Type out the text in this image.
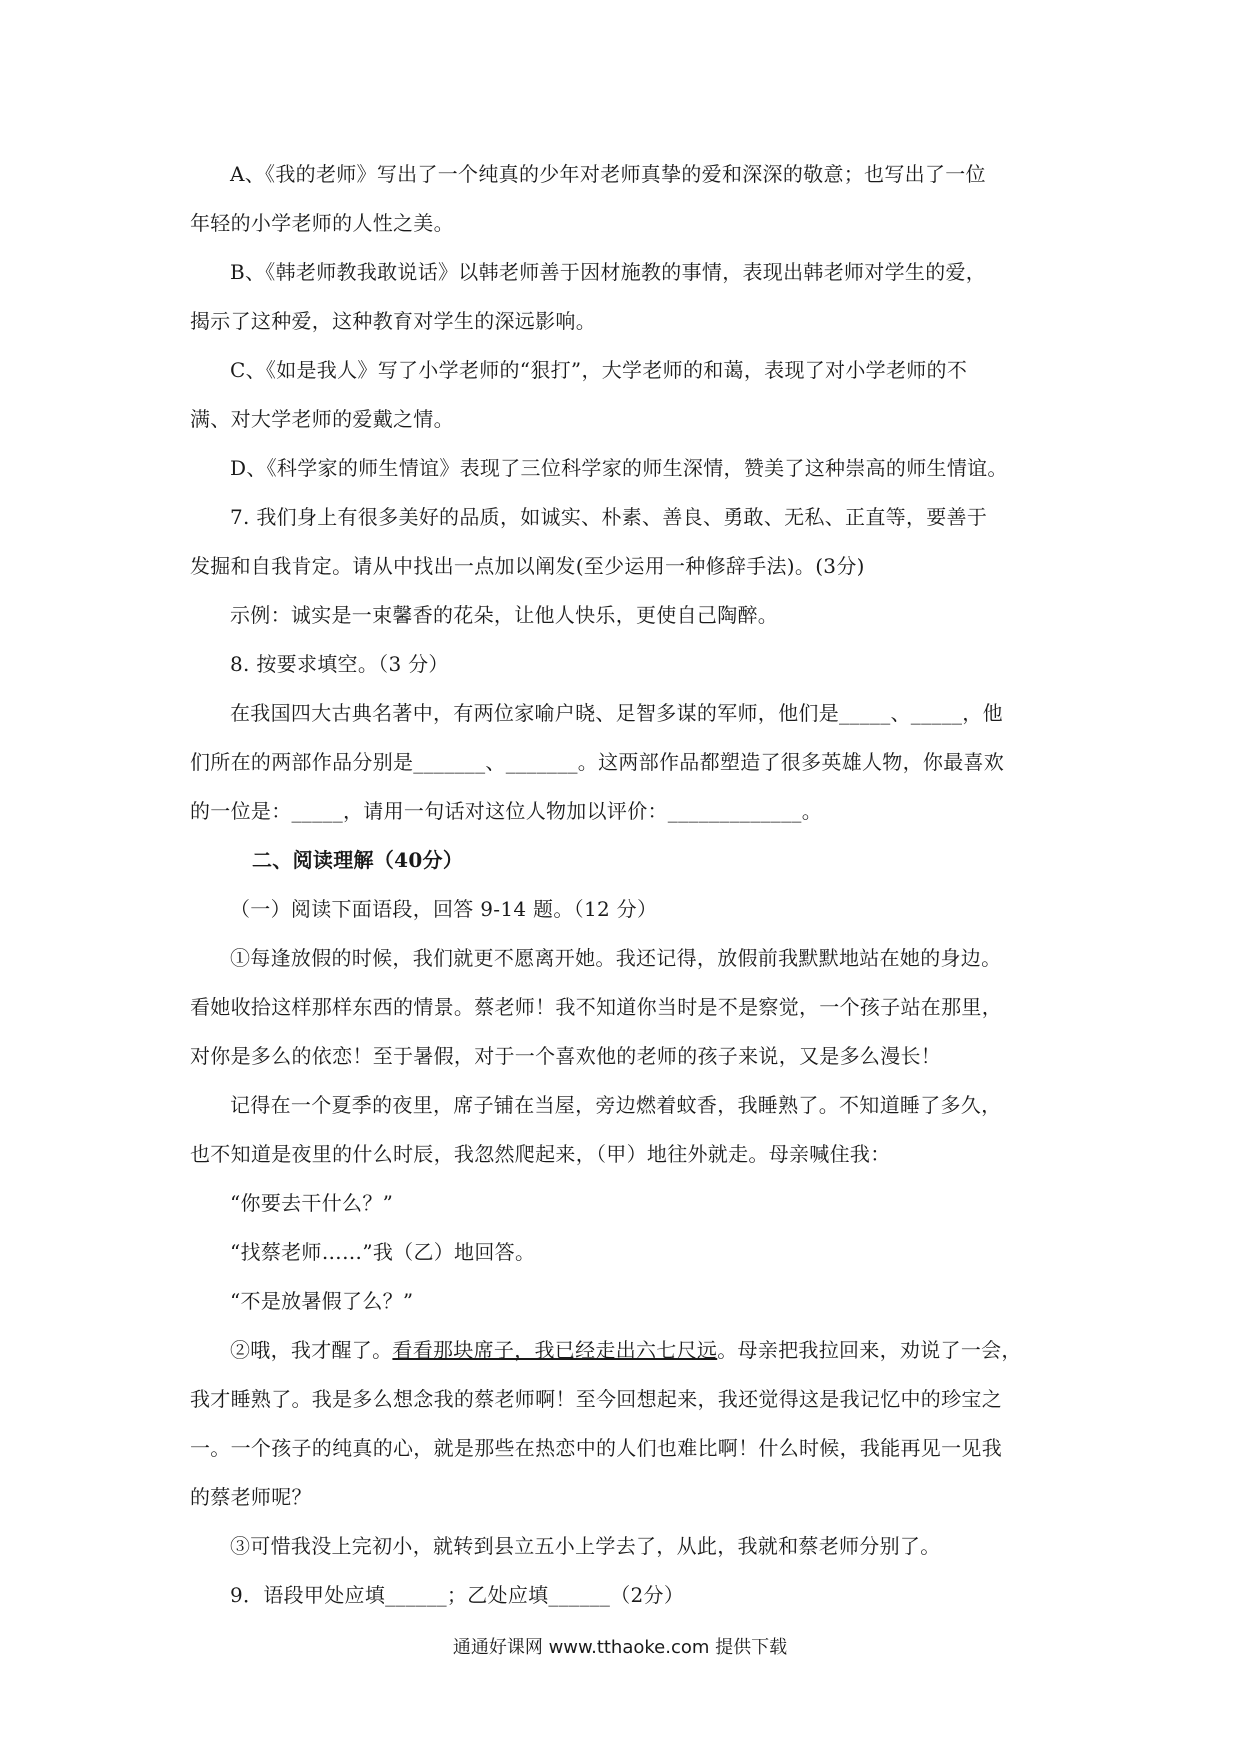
A、《我的老师》写出了一个纯真的少年对老师真挚的爱和深深的敬意；也写出了一位
年轻的小学老师的人性之美。
B、《韩老师教我敢说话》以韩老师善于因材施教的事情，表现出韩老师对学生的爱，
揭示了这种爱，这种教育对学生的深远影响。
C、《如是我人》写了小学老师的“狠打”，大学老师的和蔼，表现了对小学老师的不
满、对大学老师的爱戴之情。
D、《科学家的师生情谊》表现了三位科学家的师生深情，赞美了这种崇高的师生情谊。
7. 我们身上有很多美好的品质，如诚实、朴素、善良、勇敢、无私、正直等，要善于
发掘和自我肯定。请从中找出一点加以阐发(至少运用一种修辞手法)。(3分)
示例：诚实是一束馨香的花朵，让他人快乐，更使自己陶醉。
8. 按要求填空。（3 分）
在我国四大古典名著中，有两位家喻户晓、足智多谋的军师，他们是_____、_____，他
们所在的两部作品分别是_______、_______。这两部作品都塑造了很多英雄人物，你最喜欢
的一位是：_____，请用一句话对这位人物加以评价：_____________。
二、阅读理解（40分）
（一）阅读下面语段，回答 9-14 题。（12 分）
①每逢放假的时候，我们就更不愿离开她。我还记得，放假前我默默地站在她的身边。
看她收拾这样那样东西的情景。蔡老师！我不知道你当时是不是察觉，一个孩子站在那里，
对你是多么的依恋！至于暑假，对于一个喜欢他的老师的孩子来说，又是多么漫长！
记得在一个夏季的夜里，席子铺在当屋，旁边燃着蚊香，我睡熟了。不知道睡了多久，
也不知道是夜里的什么时辰，我忽然爬起来，（甲）地往外就走。母亲喊住我：
“你要去干什么？”
“找蔡老师……”我（乙）地回答。
“不是放暑假了么？”
②哦，我才醒了。看看那块席子，我已经走出六七尺远。母亲把我拉回来，劝说了一会，
我才睡熟了。我是多么想念我的蔡老师啊！至今回想起来，我还觉得这是我记忆中的珍宝之
一。一个孩子的纯真的心，就是那些在热恋中的人们也难比啊！什么时候，我能再见一见我
的蔡老师呢？
③可惜我没上完初小，就转到县立五小上学去了，从此，我就和蔡老师分别了。
9．语段甲处应填______；乙处应填______（2分）
通通好课网 www.tthaoke.com 提供下载
